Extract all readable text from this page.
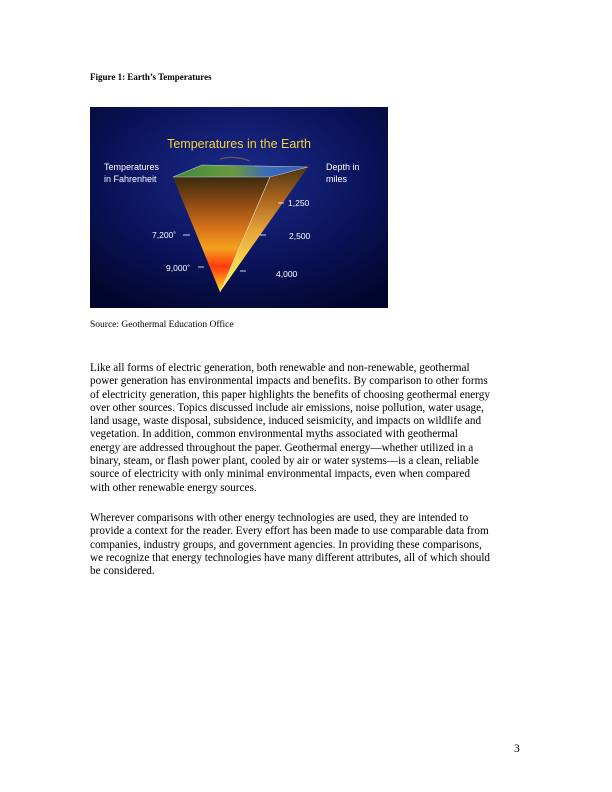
Figure 1: Earth’s Temperatures
Temperatures in the Earth
Temperatures
in Fahrenheit
Depth in
miles
1,250
2,500
4,000
7,200˚
9,000˚
Source: Geothermal Education Office

Like all forms of electric generation, both renewable and non-renewable, geothermal
power generation has environmental impacts and benefits. By comparison to other forms
of electricity generation, this paper highlights the benefits of choosing geothermal energy
over other sources. Topics discussed include air emissions, noise pollution, water usage,
land usage, waste disposal, subsidence, induced seismicity, and impacts on wildlife and
vegetation. In addition, common environmental myths associated with geothermal
energy are addressed throughout the paper. Geothermal energy—whether utilized in a
binary, steam, or flash power plant, cooled by air or water systems—is a clean, reliable
source of electricity with only minimal environmental impacts, even when compared
with other renewable energy sources.

Wherever comparisons with other energy technologies are used, they are intended to
provide a context for the reader. Every effort has been made to use comparable data from
companies, industry groups, and government agencies. In providing these comparisons,
we recognize that energy technologies have many different attributes, all of which should
be considered.

3
